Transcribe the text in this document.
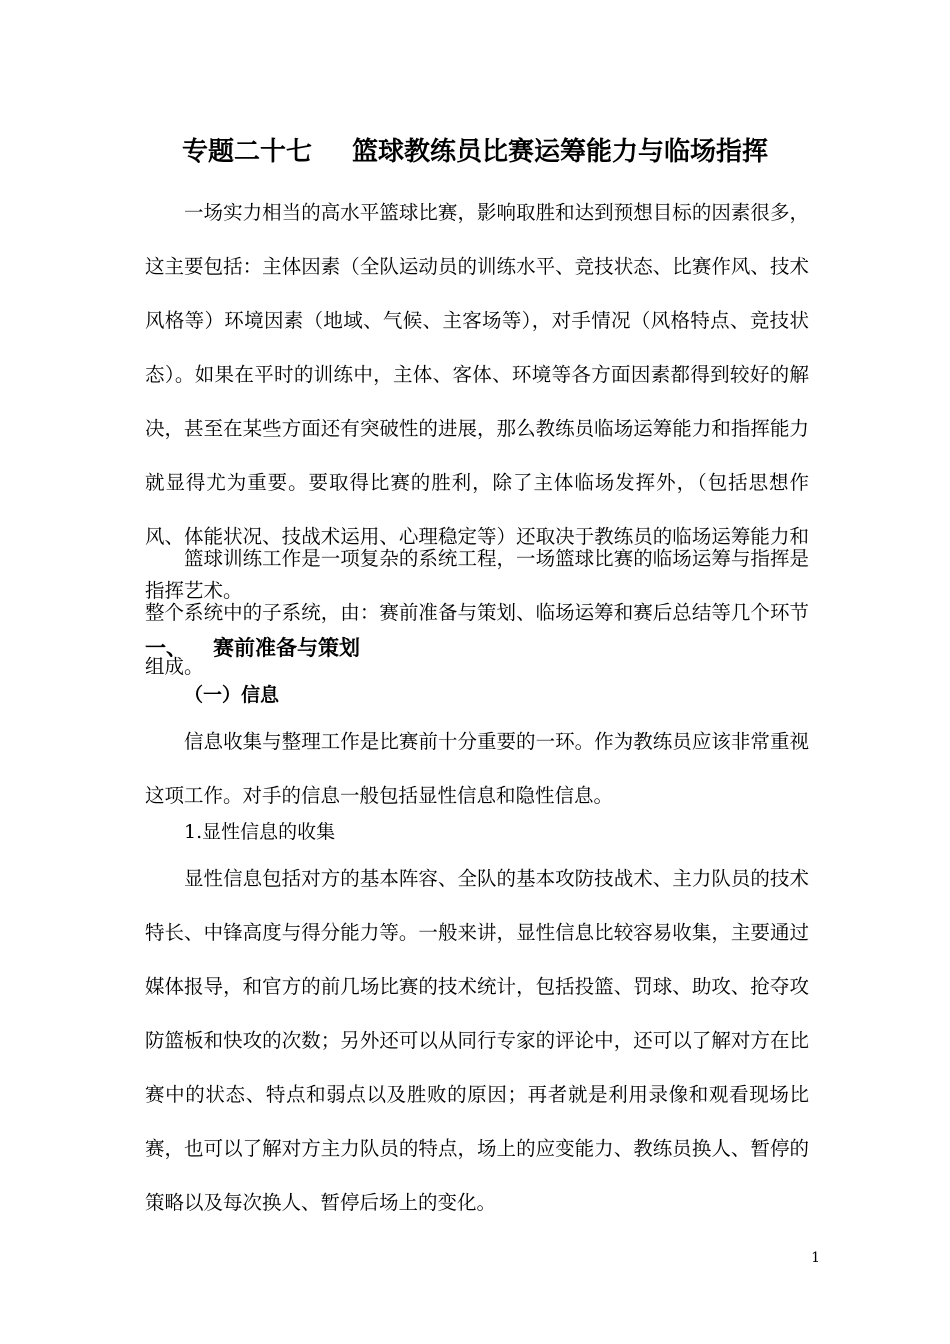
专题二十七 篮球教练员比赛运筹能力与临场指挥

一场实力相当的高水平篮球比赛，影响取胜和达到预想目标的因素很多，这主要包括：主体因素（全队运动员的训练水平、竞技状态、比赛作风、技术风格等）环境因素（地域、气候、主客场等），对手情况（风格特点、竞技状态）。如果在平时的训练中，主体、客体、环境等各方面因素都得到较好的解决，甚至在某些方面还有突破性的进展，那么教练员临场运筹能力和指挥能力就显得尤为重要。要取得比赛的胜利，除了主体临场发挥外，（包括思想作风、体能状况、技战术运用、心理稳定等）还取决于教练员的临场运筹能力和指挥艺术。

篮球训练工作是一项复杂的系统工程，一场篮球比赛的临场运筹与指挥是整个系统中的子系统，由：赛前准备与策划、临场运筹和赛后总结等几个环节组成。

一、 赛前准备与策划
（一）信息

信息收集与整理工作是比赛前十分重要的一环。作为教练员应该非常重视这项工作。对手的信息一般包括显性信息和隐性信息。

1.显性信息的收集

显性信息包括对方的基本阵容、全队的基本攻防技战术、主力队员的技术特长、中锋高度与得分能力等。一般来讲，显性信息比较容易收集，主要通过媒体报导，和官方的前几场比赛的技术统计，包括投篮、罚球、助攻、抢夺攻防篮板和快攻的次数；另外还可以从同行专家的评论中，还可以了解对方在比赛中的状态、特点和弱点以及胜败的原因；再者就是利用录像和观看现场比赛，也可以了解对方主力队员的特点，场上的应变能力、教练员换人、暂停的策略以及每次换人、暂停后场上的变化。

1
